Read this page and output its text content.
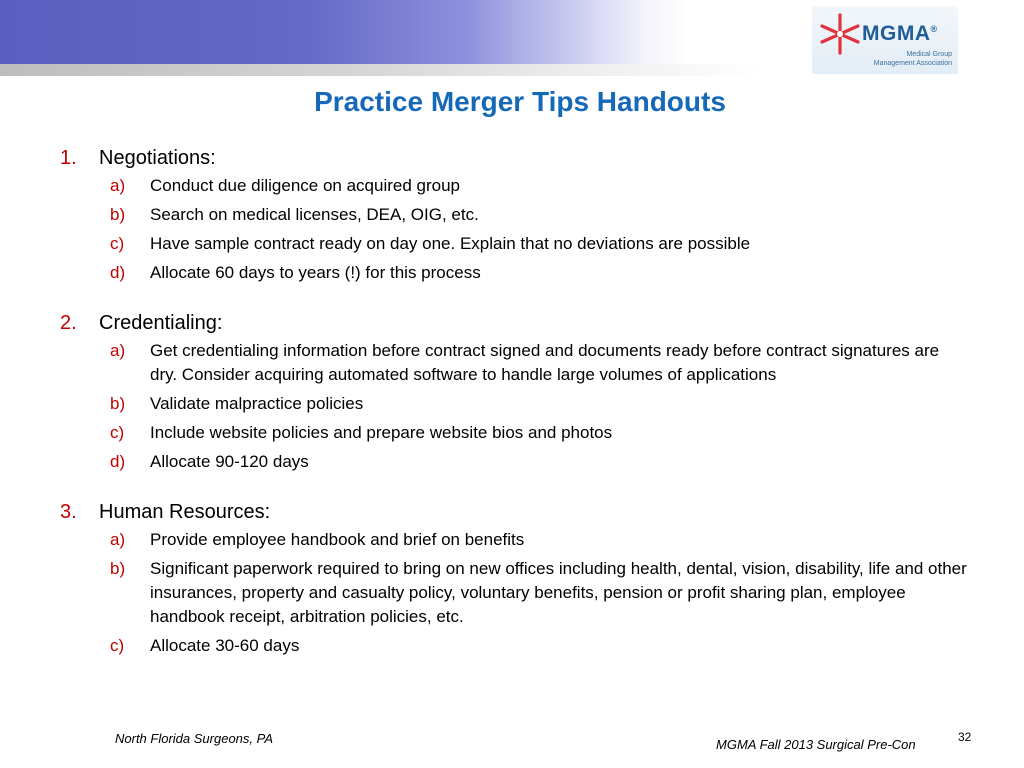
MGMA®
Medical Group
Management Association
Practice Merger Tips Handouts
1.	Negotiations:
a)	Conduct due diligence on acquired group
b)	Search on medical licenses, DEA, OIG, etc.
c)	Have sample contract ready on day one. Explain that no deviations are possible
d)	Allocate 60 days to years (!) for this process
2.	Credentialing:
a)	Get credentialing information before contract signed and documents ready before contract signatures are dry. Consider acquiring automated software to handle large volumes of applications
b)	Validate malpractice policies
c)	Include website policies and prepare website bios and photos
d)	Allocate 90-120 days
3.	Human Resources:
a)	Provide employee handbook and brief on benefits
b)	Significant paperwork required to bring on new offices including health, dental, vision, disability, life and other insurances, property and casualty policy, voluntary benefits, pension or profit sharing plan, employee handbook receipt, arbitration policies, etc.
c)	Allocate 30-60 days
North Florida Surgeons, PA	MGMA Fall 2013 Surgical Pre-Con	32
